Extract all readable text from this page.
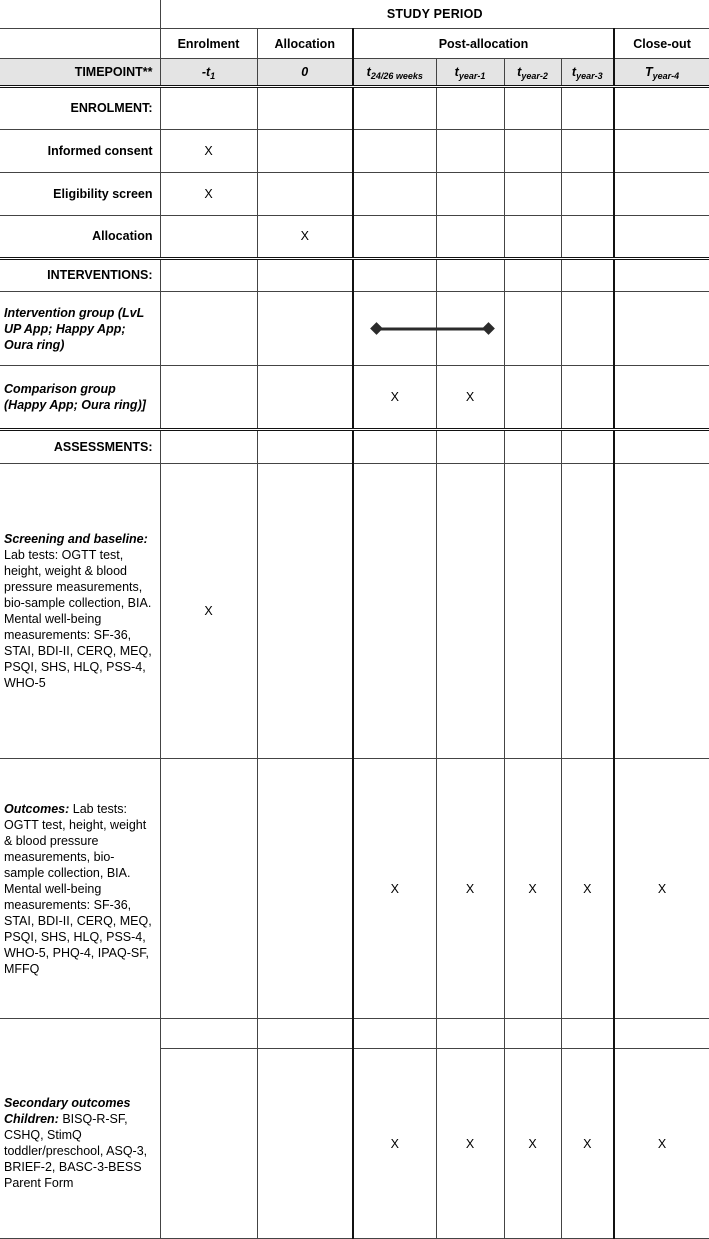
	STUDY PERIOD						
	Enrolment	Allocation	Post-allocation				Close-out
TIMEPOINT**	$-t_1$	0	$t_{24/26 weeks}$	$t_{year-1}$	$t_{year-2}$	$t_{year-3}$	$T_{year-4}$
ENROLMENT:							
Informed consent	X						
Eligibility screen	X						
Allocation		X					
INTERVENTIONS:							
Intervention group (LvL UP App; Happy App; Oura ring)			

Comparison group (Happy App; Oura ring)]			X	X			
ASSESSMENTS:							
Screening and baseline: Lab tests: OGTT test, height, weight & blood pressure measurements, bio-sample collection, BIA. Mental well-being measurements: SF-36, STAI, BDI-II, CERQ, MEQ, PSQI, SHS, HLQ, PSS-4, WHO-5	X						
Outcomes: Lab tests: OGTT test, height, weight & blood pressure measurements, bio-sample collection, BIA. Mental well-being measurements: SF-36, STAI, BDI-II, CERQ, MEQ, PSQI, SHS, HLQ, PSS-4, WHO-5, PHQ-4, IPAQ-SF, MFFQ			X	X	X	X	X

Secondary outcomes Children: BISQ-R-SF, CSHQ, StimQ toddler/preschool, ASQ-3, BRIEF-2, BASC-3-BESS Parent Form			X	X	X	X	X
